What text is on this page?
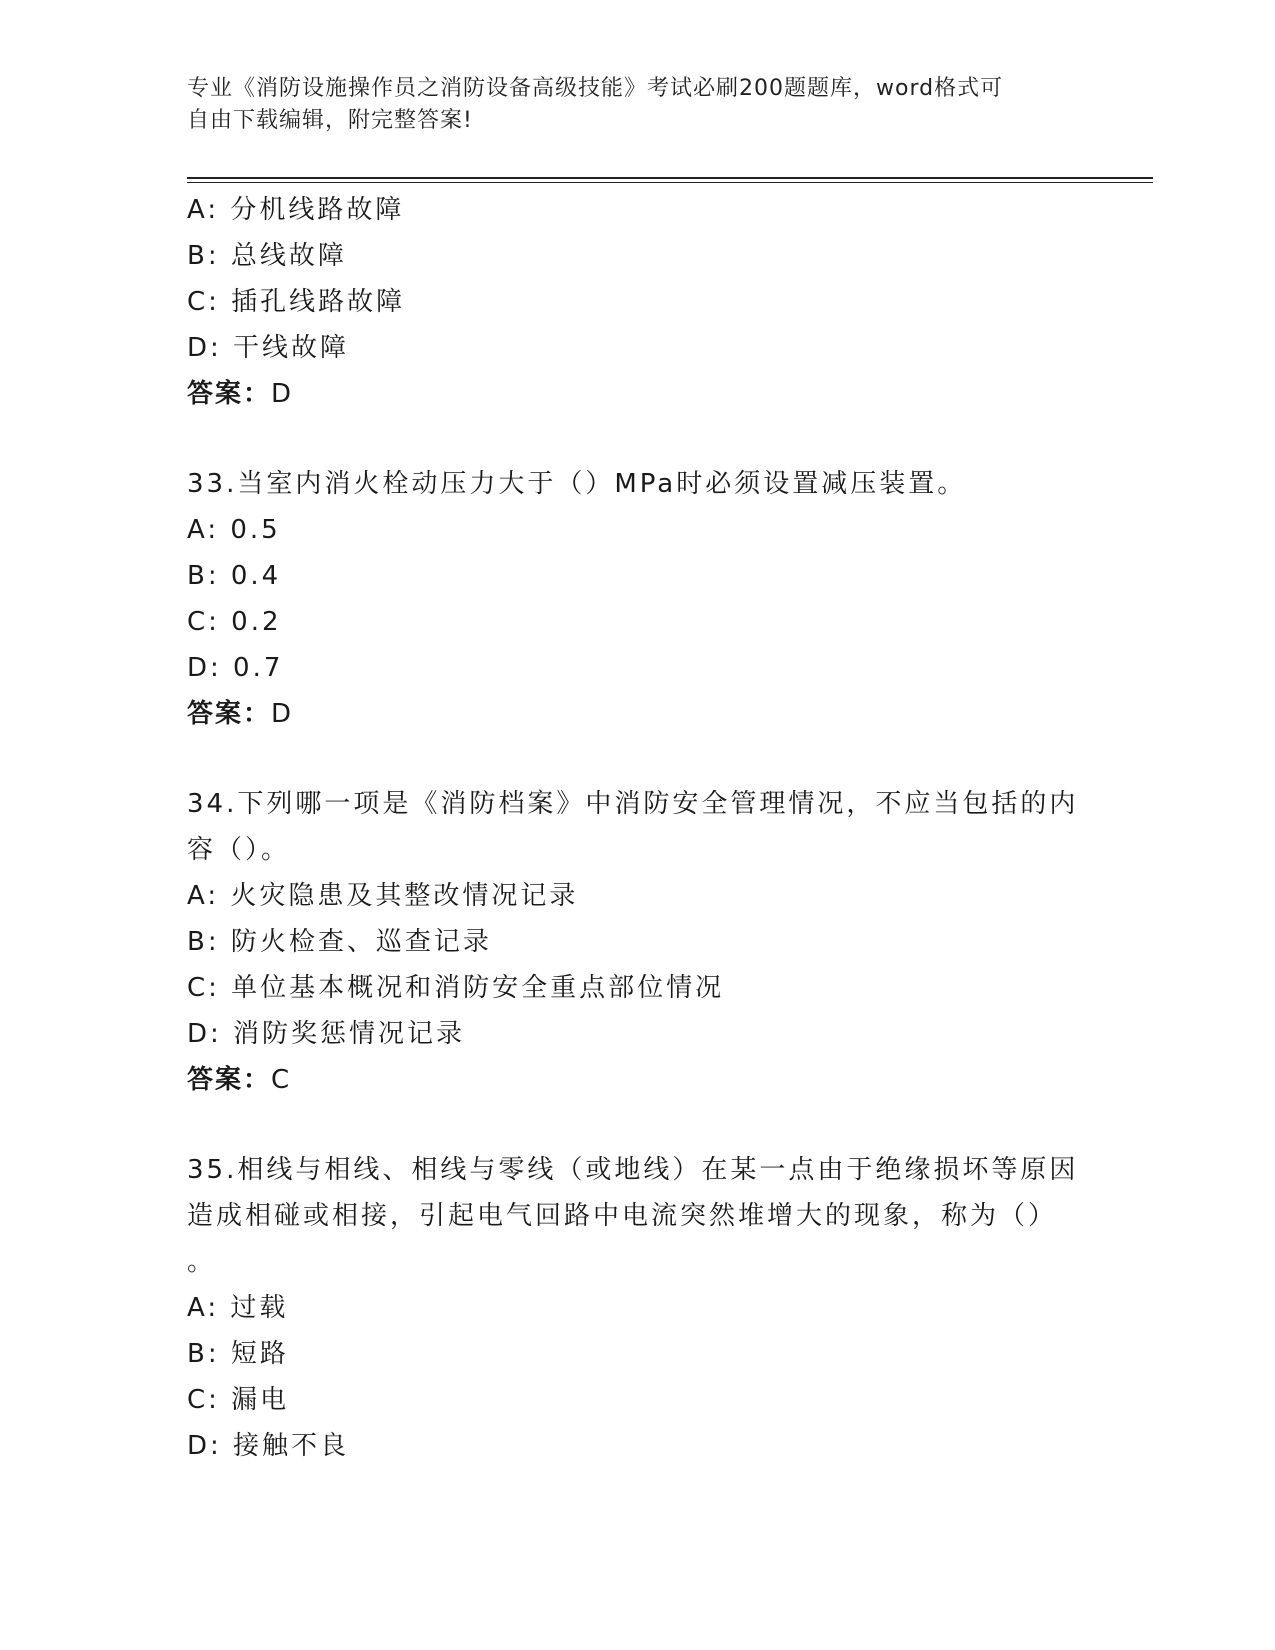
专业《消防设施操作员之消防设备高级技能》考试必刷200题题库，word格式可
自由下载编辑，附完整答案!
A: 分机线路故障
B: 总线故障
C: 插孔线路故障
D: 干线故障
答案：D
33.当室内消火栓动压力大于（）MPa时必须设置减压装置。
A: 0.5
B: 0.4
C: 0.2
D: 0.7
答案：D
34.下列哪一项是《消防档案》中消防安全管理情况，不应当包括的内
容（）。
A: 火灾隐患及其整改情况记录
B: 防火检查、巡查记录
C: 单位基本概况和消防安全重点部位情况
D: 消防奖惩情况记录
答案：C
35.相线与相线、相线与零线（或地线）在某一点由于绝缘损坏等原因
造成相碰或相接，引起电气回路中电流突然堆增大的现象，称为（）
。
A: 过载
B: 短路
C: 漏电
D: 接触不良
